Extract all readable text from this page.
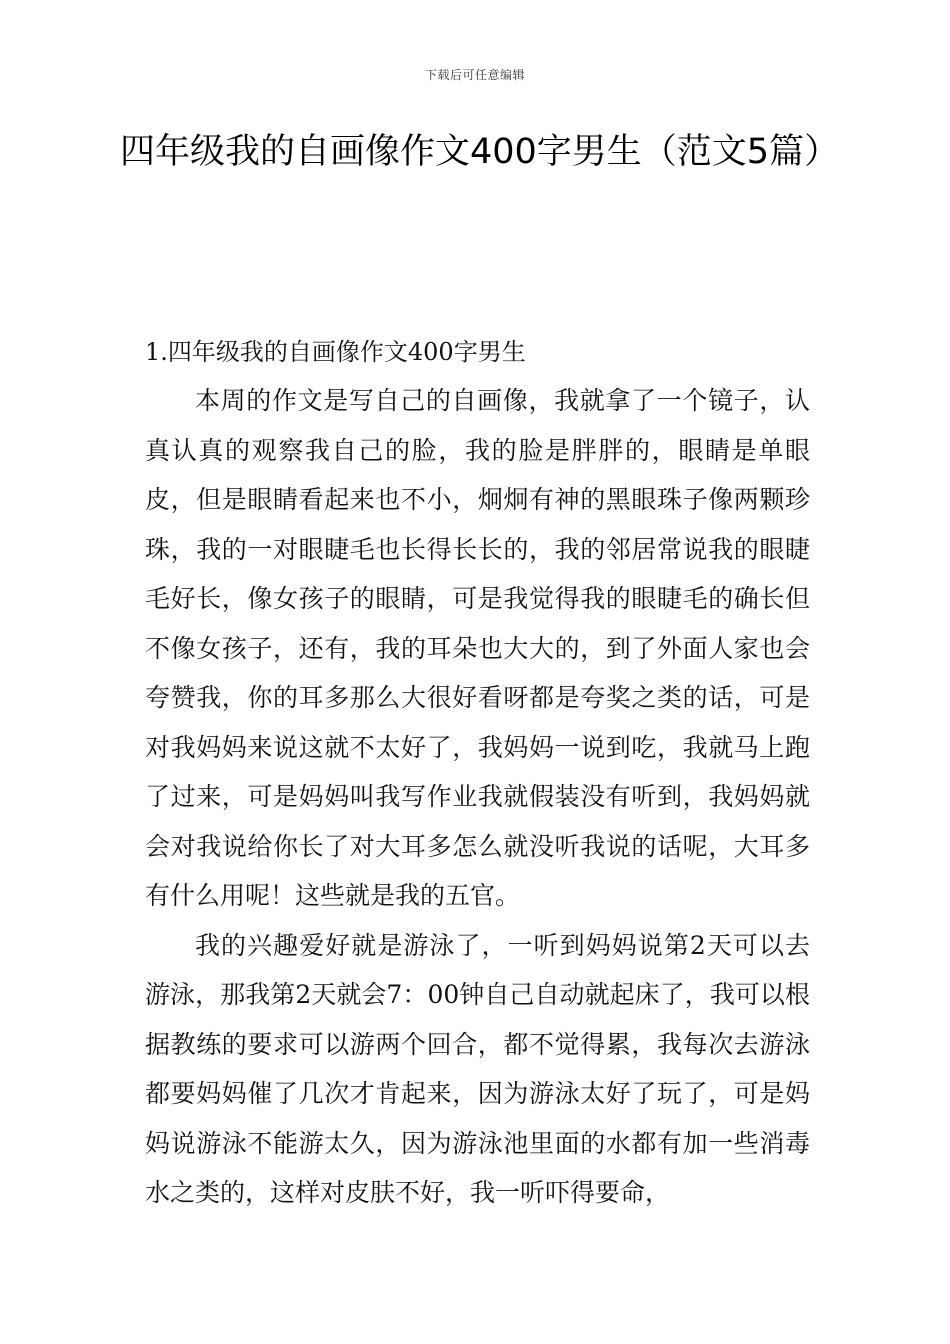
下载后可任意编辑
四年级我的自画像作文400字男生（范文5篇）

1.四年级我的自画像作文400字男生

本周的作文是写自己的自画像，我就拿了一个镜子，认真认真的观察我自己的脸，我的脸是胖胖的，眼睛是单眼皮，但是眼睛看起来也不小，炯炯有神的黑眼珠子像两颗珍珠，我的一对眼睫毛也长得长长的，我的邻居常说我的眼睫毛好长，像女孩子的眼睛，可是我觉得我的眼睫毛的确长但不像女孩子，还有，我的耳朵也大大的，到了外面人家也会夸赞我，你的耳多那么大很好看呀都是夸奖之类的话，可是对我妈妈来说这就不太好了，我妈妈一说到吃，我就马上跑了过来，可是妈妈叫我写作业我就假装没有听到，我妈妈就会对我说给你长了对大耳多怎么就没听我说的话呢，大耳多有什么用呢！这些就是我的五官。

我的兴趣爱好就是游泳了，一听到妈妈说第2天可以去游泳，那我第2天就会7：00钟自己自动就起床了，我可以根据教练的要求可以游两个回合，都不觉得累，我每次去游泳都要妈妈催了几次才肯起来，因为游泳太好了玩了，可是妈妈说游泳不能游太久，因为游泳池里面的水都有加一些消毒水之类的，这样对皮肤不好，我一听吓得要命，
